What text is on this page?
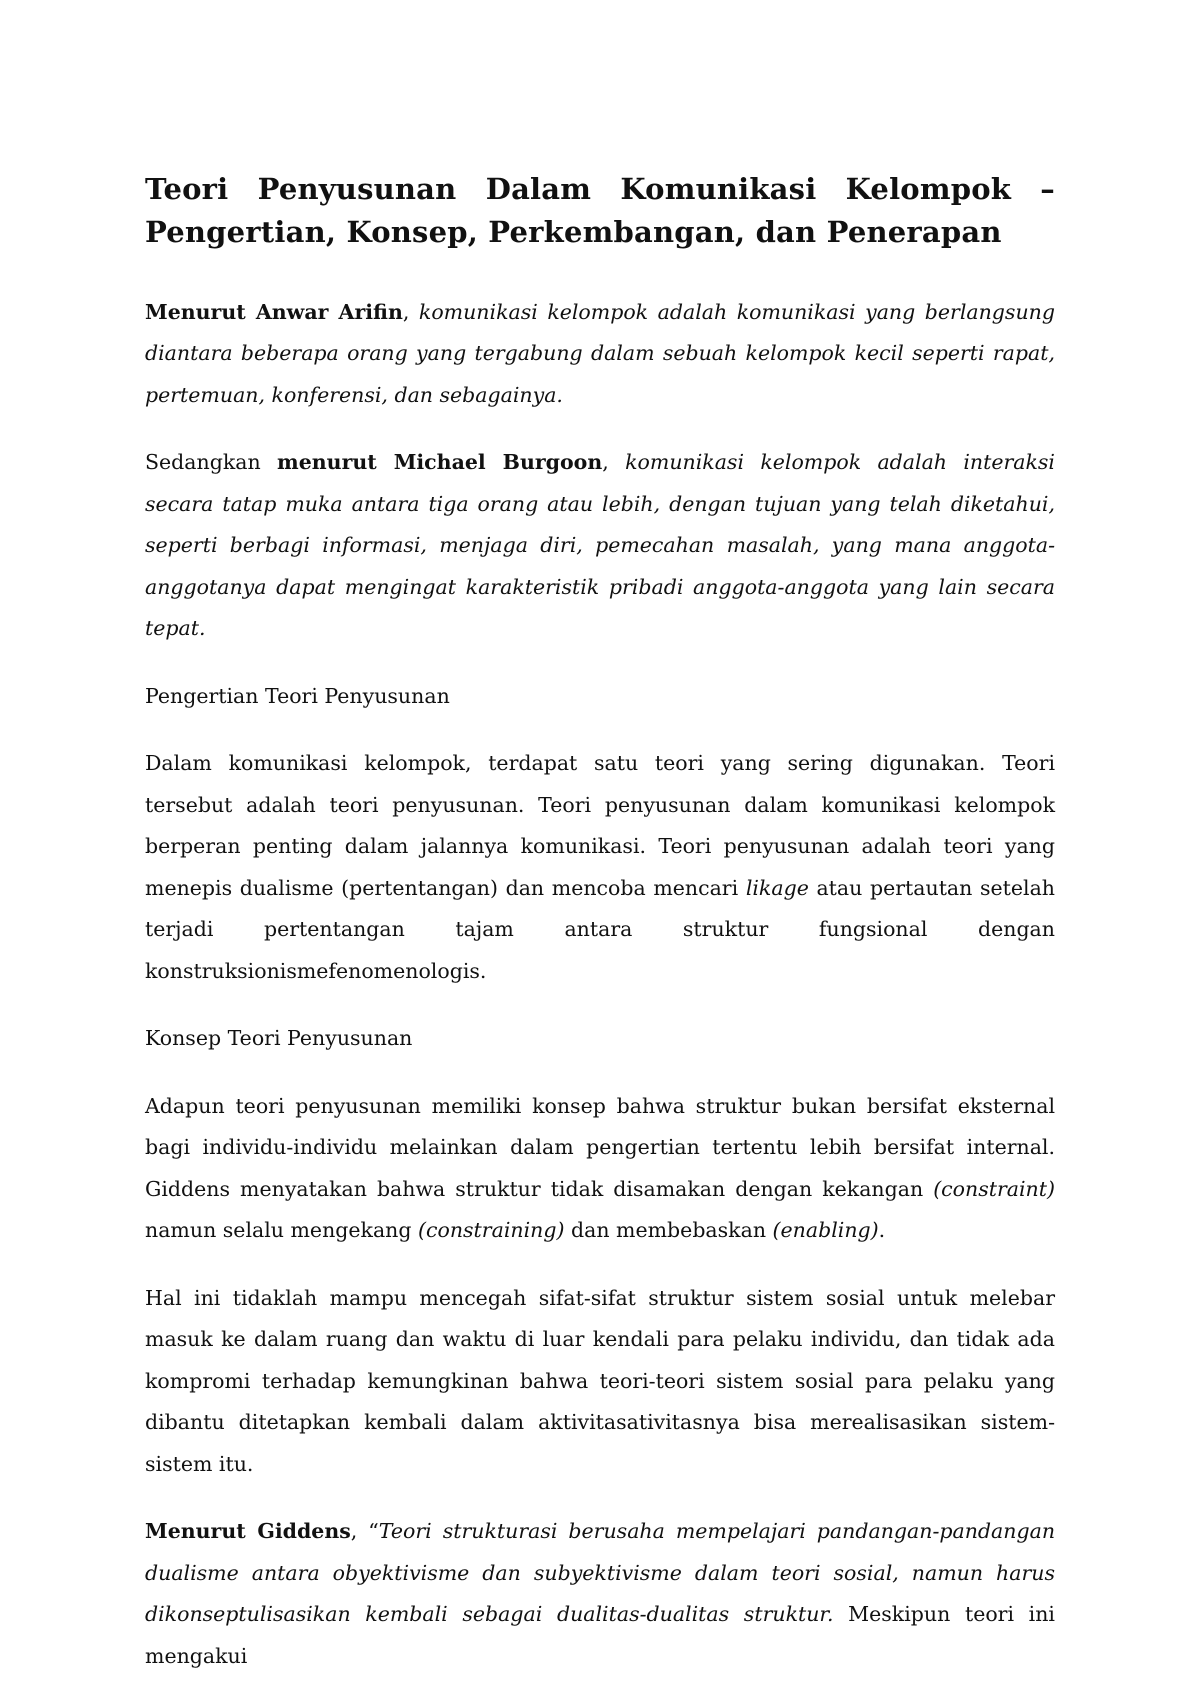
Teori Penyusunan Dalam Komunikasi Kelompok – Pengertian, Konsep, Perkembangan, dan Penerapan

Menurut Anwar Arifin, komunikasi kelompok adalah komunikasi yang berlangsung diantara beberapa orang yang tergabung dalam sebuah kelompok kecil seperti rapat, pertemuan, konferensi, dan sebagainya.

Sedangkan menurut Michael Burgoon, komunikasi kelompok adalah interaksi secara tatap muka antara tiga orang atau lebih, dengan tujuan yang telah diketahui, seperti berbagi informasi, menjaga diri, pemecahan masalah, yang mana anggota-anggotanya dapat mengingat karakteristik pribadi anggota-anggota yang lain secara tepat.

Pengertian Teori Penyusunan

Dalam komunikasi kelompok, terdapat satu teori yang sering digunakan. Teori tersebut adalah teori penyusunan. Teori penyusunan dalam komunikasi kelompok berperan penting dalam jalannya komunikasi. Teori penyusunan adalah teori yang menepis dualisme (pertentangan) dan mencoba mencari likage atau pertautan setelah terjadi pertentangan tajam antara struktur fungsional dengan konstruksionismefenomenologis.

Konsep Teori Penyusunan

Adapun teori penyusunan memiliki konsep bahwa struktur bukan bersifat eksternal bagi individu-individu melainkan dalam pengertian tertentu lebih bersifat internal. Giddens menyatakan bahwa struktur tidak disamakan dengan kekangan (constraint) namun selalu mengekang (constraining) dan membebaskan (enabling).

Hal ini tidaklah mampu mencegah sifat-sifat struktur sistem sosial untuk melebar masuk ke dalam ruang dan waktu di luar kendali para pelaku individu, dan tidak ada kompromi terhadap kemungkinan bahwa teori-teori sistem sosial para pelaku yang dibantu ditetapkan kembali dalam aktivitasativitasnya bisa merealisasikan sistem-sistem itu.

Menurut Giddens, “Teori strukturasi berusaha mempelajari pandangan-pandangan dualisme antara obyektivisme dan subyektivisme dalam teori sosial, namun harus dikonseptulisasikan kembali sebagai dualitas-dualitas struktur. Meskipun teori ini mengakui
